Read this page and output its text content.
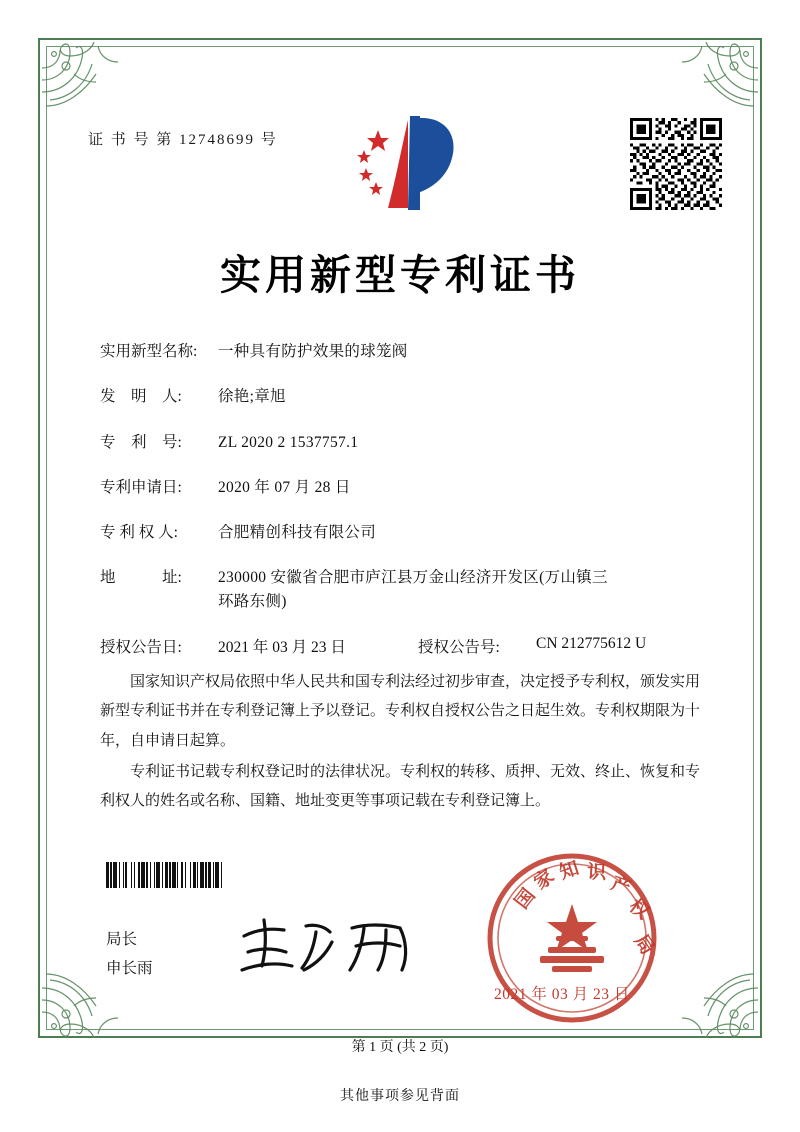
证 书 号 第 12748699 号
实用新型专利证书
实用新型名称:	一种具有防护效果的球笼阀
发　明　人:	徐艳;章旭
专　利　号:	ZL 2020 2 1537757.1
专利申请日:	2020 年 07 月 28 日
专 利 权 人:	合肥精创科技有限公司
地　　　址:	230000 安徽省合肥市庐江县万金山经济开发区(万山镇三
环路东侧)
授权公告日:	2021 年 03 月 23 日	授权公告号:	CN 212775612 U

国家知识产权局依照中华人民共和国专利法经过初步审查，决定授予专利权，颁发实用新型专利证书并在专利登记簿上予以登记。专利权自授权公告之日起生效。专利权期限为十年，自申请日起算。

专利证书记载专利权登记时的法律状况。专利权的转移、质押、无效、终止、恢复和专利权人的姓名或名称、国籍、地址变更等事项记载在专利登记簿上。

局长
申长雨
国
家
知 识 产
权
局
2021 年 03 月 23 日
第 1 页 (共 2 页)
其他事项参见背面
